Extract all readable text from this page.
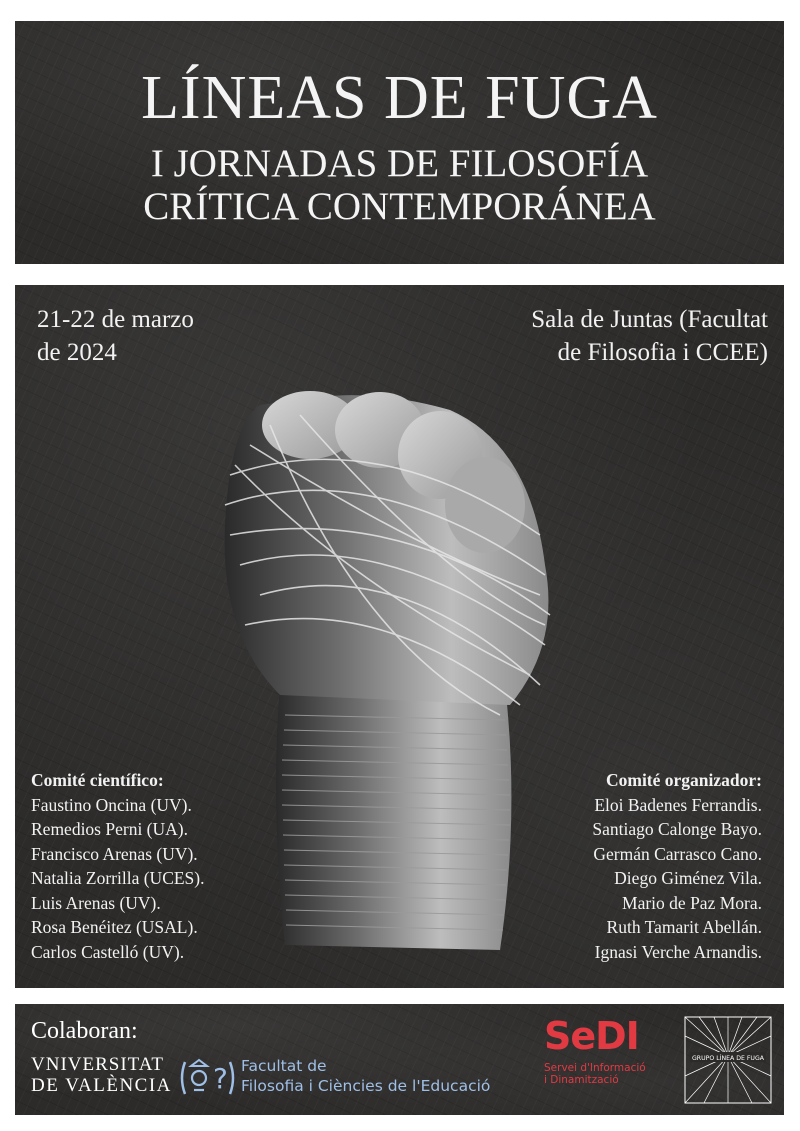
LÍNEAS DE FUGA
I JORNADAS DE FILOSOFÍA
CRÍTICA CONTEMPORÁNEA
21-22 de marzo
de 2024
Sala de Juntas (Facultat
de Filosofia i CCEE)
Comité científico:
Faustino Oncina (UV).
Remedios Perni (UA).
Francisco Arenas (UV).
Natalia Zorrilla (UCES).
Luis Arenas (UV).
Rosa Benéitez (USAL).
Carlos Castelló (UV).
Comité organizador:
Eloi Badenes Ferrandis.
Santiago Calonge Bayo.
Germán Carrasco Cano.
Diego Giménez Vila.
Mario de Paz Mora.
Ruth Tamarit Abellán.
Ignasi Verche Arnandis.
Colaboran:
VNIVERSITAT
DE VALÈNCIA	? Facultat de
Filosofia i Ciències de l'Educació
SeDI
Servei d'Informació
i Dinamització
GRUPO LÍNEA DE FUGA
